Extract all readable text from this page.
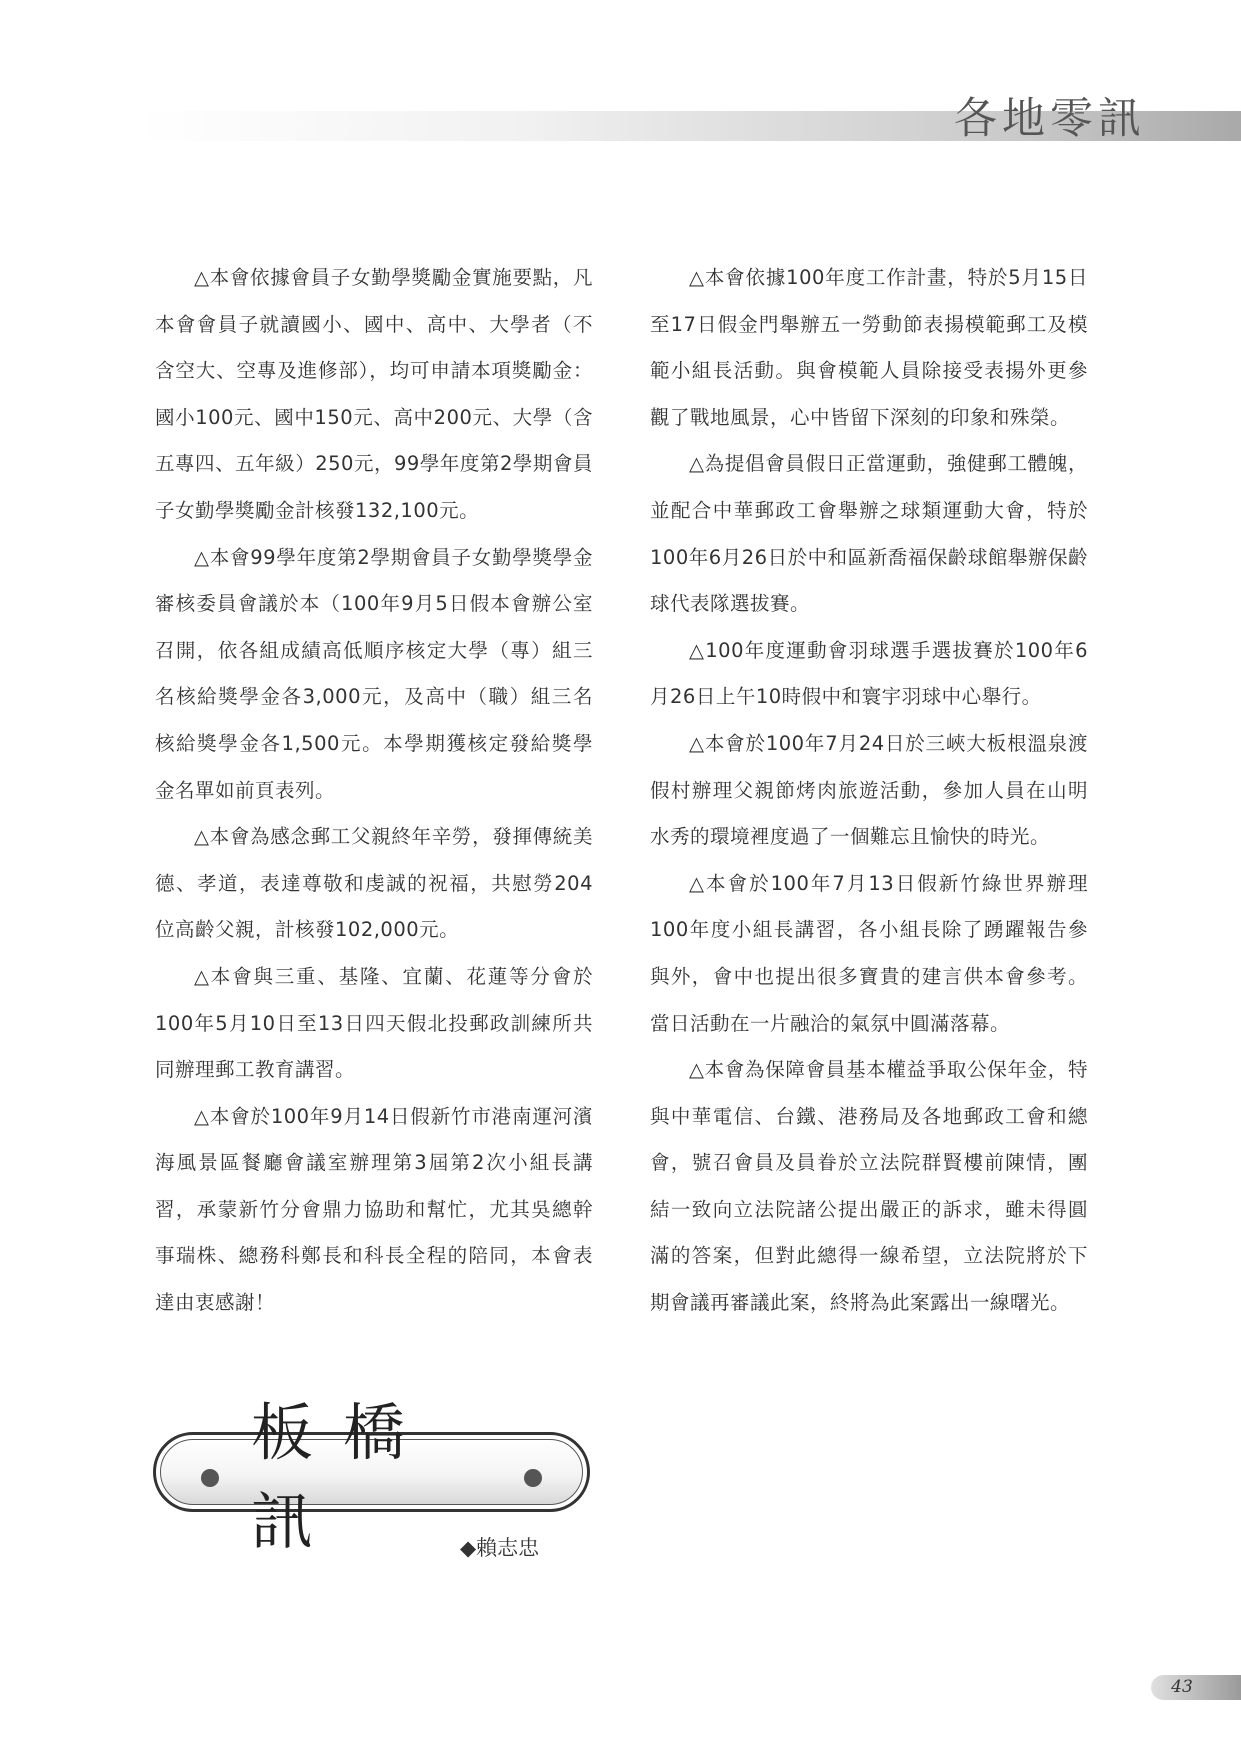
各地零訊

△本會依據會員子女勤學獎勵金實施要點，凡本會會員子就讀國小、國中、高中、大學者（不含空大、空專及進修部），均可申請本項獎勵金：國小100元、國中150元、高中200元、大學（含五專四、五年級）250元，99學年度第2學期會員子女勤學獎勵金計核發132,100元。

△本會99學年度第2學期會員子女勤學獎學金審核委員會議於本（100年9月5日假本會辦公室召開，依各組成績高低順序核定大學（專）組三名核給獎學金各3,000元，及高中（職）組三名核給獎學金各1,500元。本學期獲核定發給獎學金名單如前頁表列。

△本會為感念郵工父親終年辛勞，發揮傳統美德、孝道，表達尊敬和虔誠的祝福，共慰勞204位高齡父親，計核發102,000元。

△本會與三重、基隆、宜蘭、花蓮等分會於100年5月10日至13日四天假北投郵政訓練所共同辦理郵工教育講習。

△本會於100年9月14日假新竹市港南運河濱海風景區餐廳會議室辦理第3屆第2次小組長講習，承蒙新竹分會鼎力協助和幫忙，尤其吳總幹事瑞株、總務科鄭長和科長全程的陪同，本會表達由衷感謝！

板橋訊	◆賴志忠

△本會依據100年度工作計畫，特於5月15日至17日假金門舉辦五一勞動節表揚模範郵工及模範小組長活動。與會模範人員除接受表揚外更參觀了戰地風景，心中皆留下深刻的印象和殊榮。

△為提倡會員假日正當運動，強健郵工體魄，並配合中華郵政工會舉辦之球類運動大會，特於100年6月26日於中和區新喬福保齡球館舉辦保齡球代表隊選拔賽。

△100年度運動會羽球選手選拔賽於100年6月26日上午10時假中和寰宇羽球中心舉行。

△本會於100年7月24日於三峽大板根溫泉渡假村辦理父親節烤肉旅遊活動，參加人員在山明水秀的環境裡度過了一個難忘且愉快的時光。

△本會於100年7月13日假新竹綠世界辦理100年度小組長講習，各小組長除了踴躍報告參與外，會中也提出很多寶貴的建言供本會參考。當日活動在一片融洽的氣氛中圓滿落幕。

△本會為保障會員基本權益爭取公保年金，特與中華電信、台鐵、港務局及各地郵政工會和總會，號召會員及員眷於立法院群賢樓前陳情，團結一致向立法院諸公提出嚴正的訴求，雖未得圓滿的答案，但對此總得一線希望，立法院將於下期會議再審議此案，終將為此案露出一線曙光。

43
